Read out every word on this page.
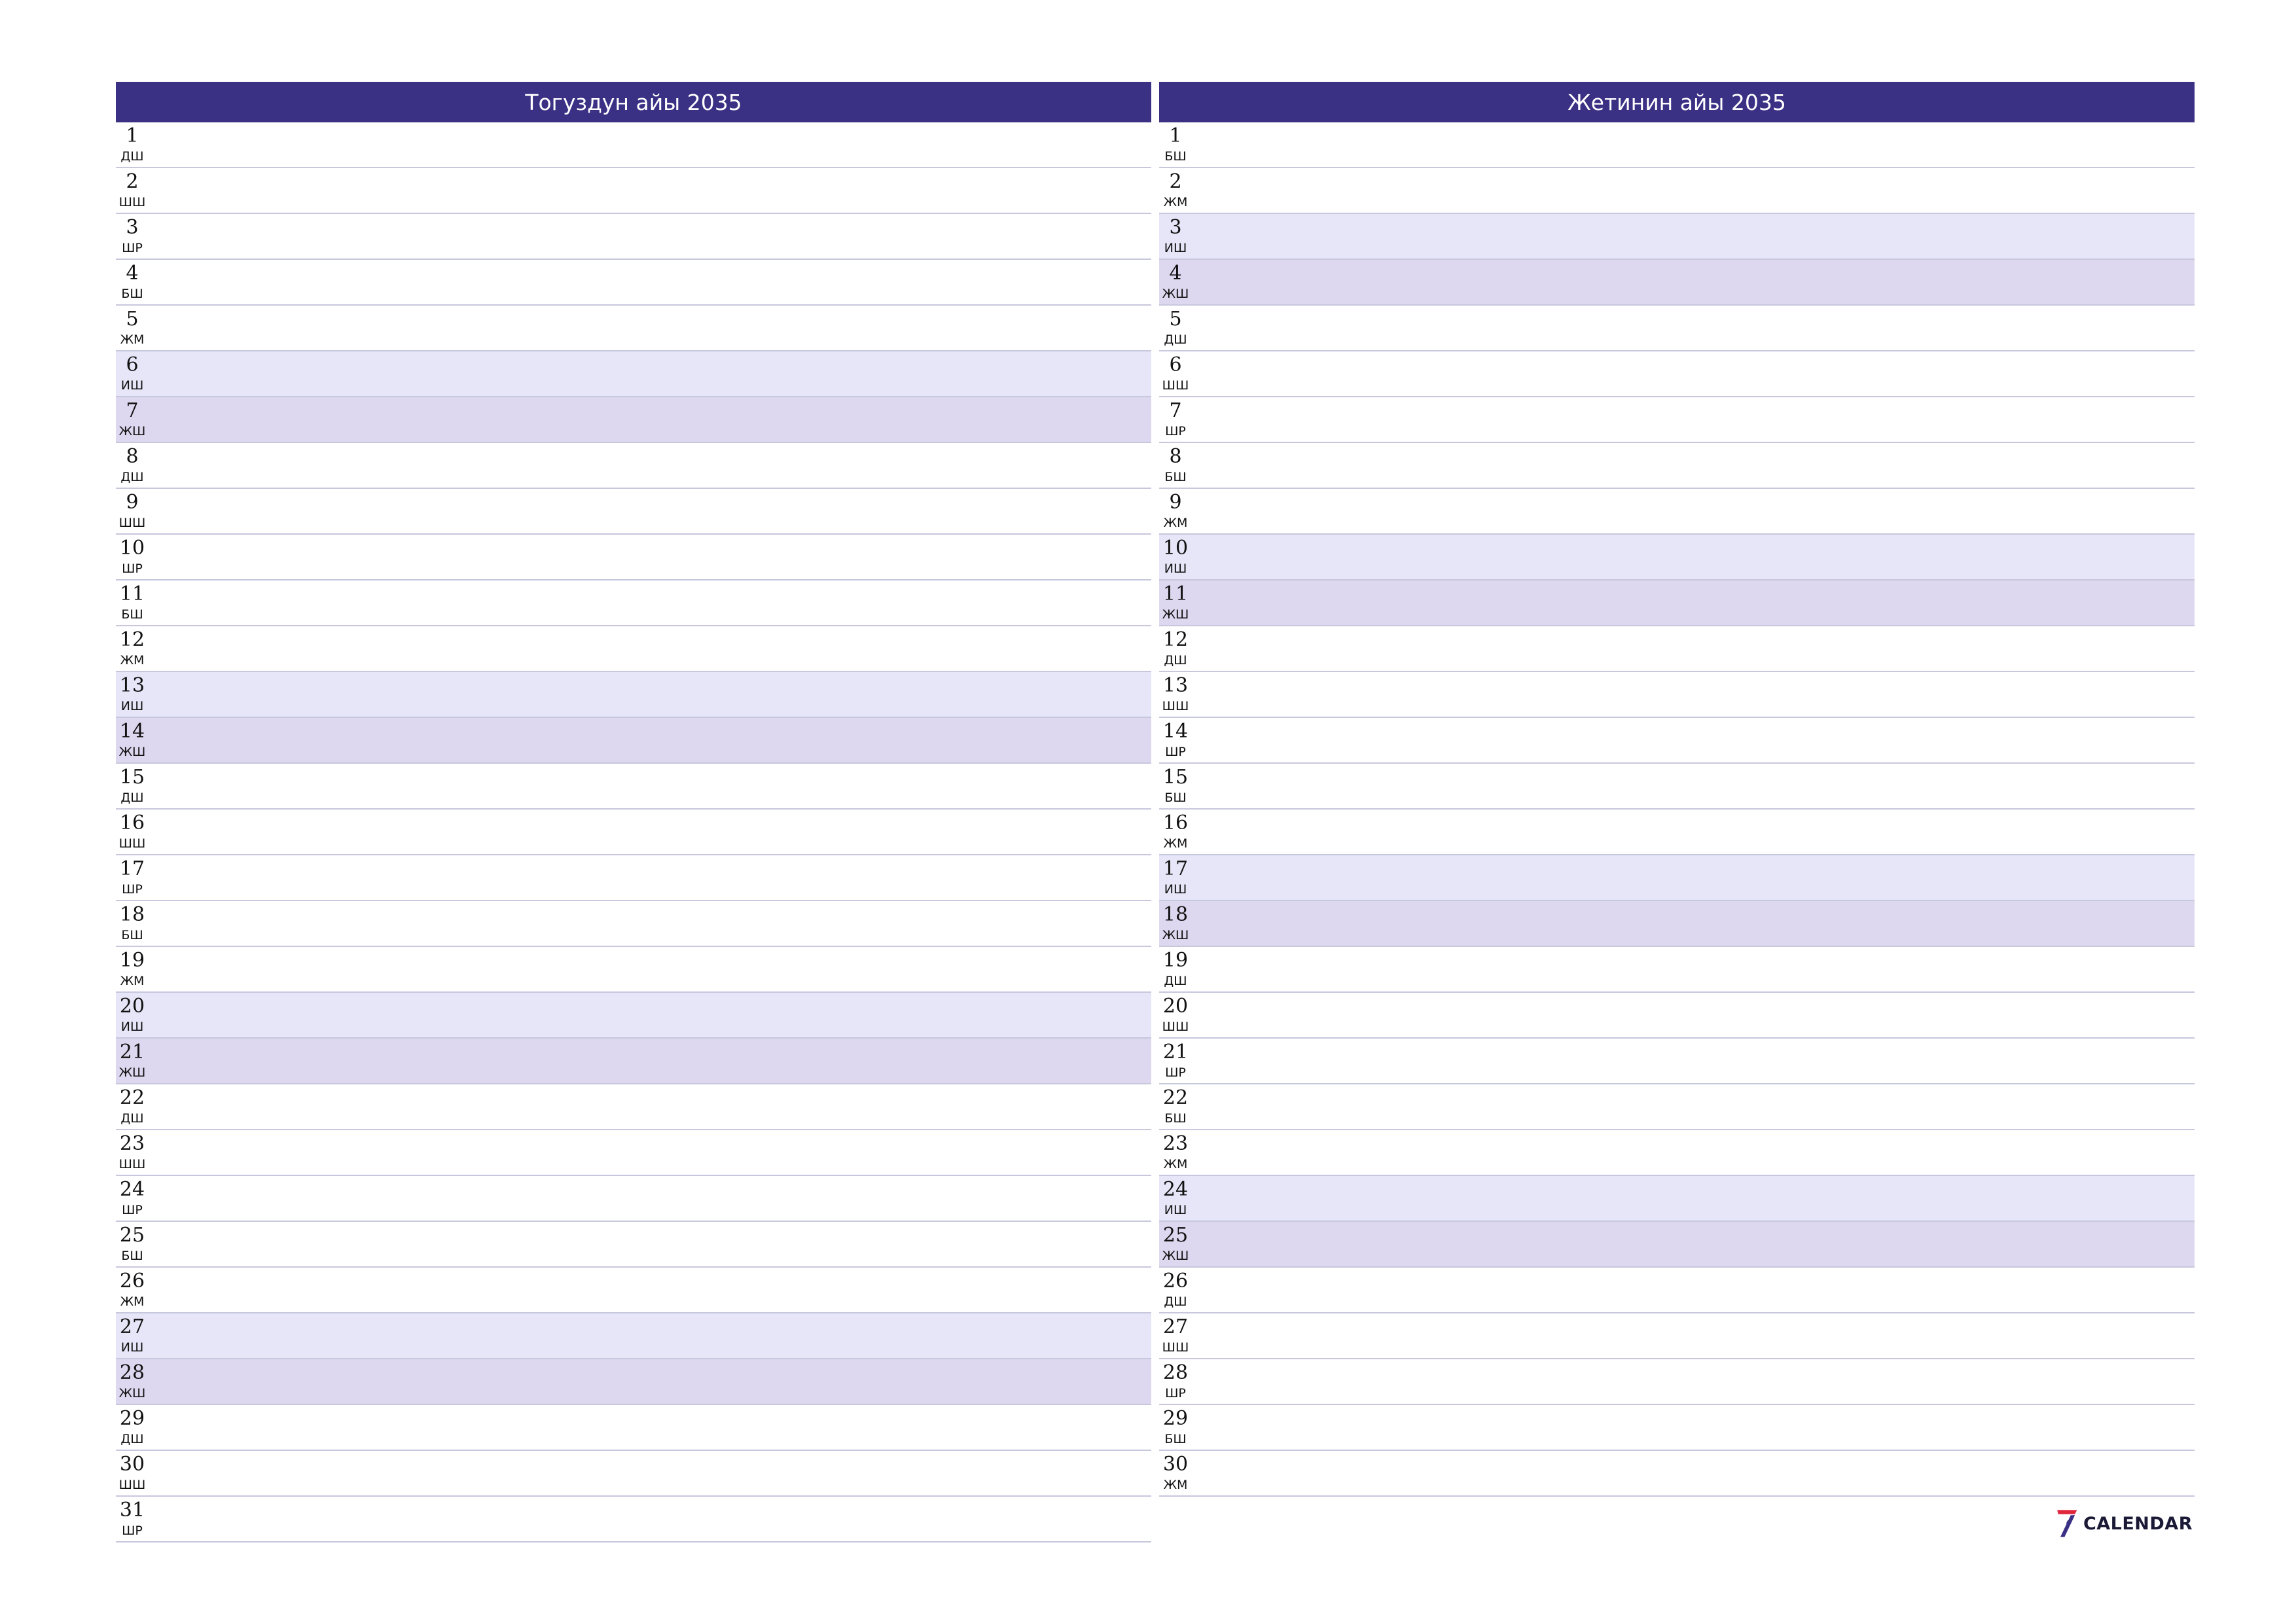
Тогуздун айы 2035
1
ДШ
2
ШШ
3
ШР
4
БШ
5
ЖМ
6
ИШ
7
ЖШ
8
ДШ
9
ШШ
10
ШР
11
БШ
12
ЖМ
13
ИШ
14
ЖШ
15
ДШ
16
ШШ
17
ШР
18
БШ
19
ЖМ
20
ИШ
21
ЖШ
22
ДШ
23
ШШ
24
ШР
25
БШ
26
ЖМ
27
ИШ
28
ЖШ
29
ДШ
30
ШШ
31
ШР
Жетинин айы 2035
1
БШ
2
ЖМ
3
ИШ
4
ЖШ
5
ДШ
6
ШШ
7
ШР
8
БШ
9
ЖМ
10
ИШ
11
ЖШ
12
ДШ
13
ШШ
14
ШР
15
БШ
16
ЖМ
17
ИШ
18
ЖШ
19
ДШ
20
ШШ
21
ШР
22
БШ
23
ЖМ
24
ИШ
25
ЖШ
26
ДШ
27
ШШ
28
ШР
29
БШ
30
ЖМ
CALENDAR
